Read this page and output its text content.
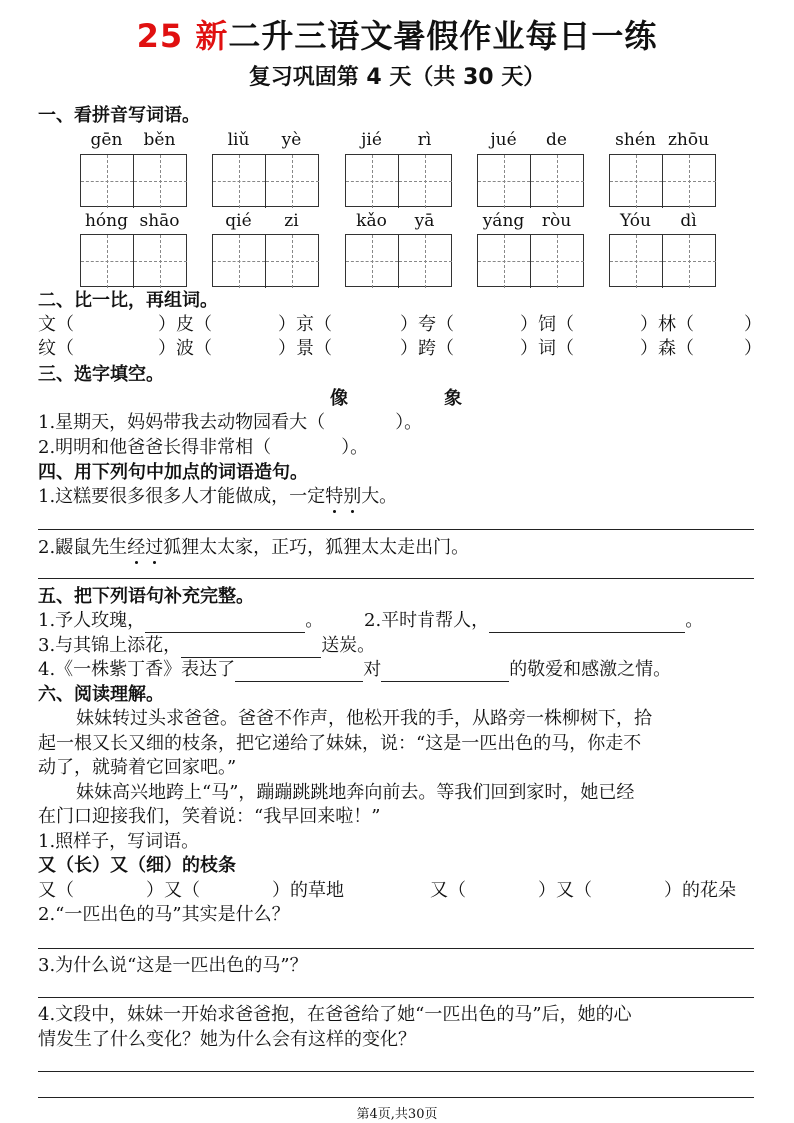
25 新二升三语文暑假作业每日一练
复习巩固第 4 天（共 30 天）
一、看拼音写词语。
gēn	běn	liǔ	yè	jié	rì	jué	de	shén zhōu
hóng shāo	qié	zi	kǎo	yā	yáng	ròu	Yóu	dì
二、比一比，再组词。
文（	）皮（	）京（	）夸（	）饲（	）林（	）
纹（	）波（	）景（	）跨（	）词（	）森（	）
三、选字填空。
像	象
1.星期天，妈妈带我去动物园看大（	）。
2.明明和他爸爸长得非常相（	）。
四、用下列句中加点的词语造句。
1.这糕要很多很多人才能做成，一定特别大。
2.鼹鼠先生经过狐狸太太家，正巧，狐狸太太走出门。
五、把下列语句补充完整。
1.予人玫瑰，	。 2.平时肯帮人，	。
3.与其锦上添花，	送炭。
4.《一株紫丁香》表达了	对	的敬爱和感激之情。
六、阅读理解。
妹妹转过头求爸爸。爸爸不作声，他松开我的手，从路旁一株柳树下，拾
起一根又长又细的枝条，把它递给了妹妹，说：“这是一匹出色的马，你走不
动了，就骑着它回家吧。”
妹妹高兴地跨上“马”，蹦蹦跳跳地奔向前去。等我们回到家时，她已经
在门口迎接我们，笑着说：“我早回来啦！”
1.照样子，写词语。
又（长）又（细）的枝条
又（	）又（	）的草地	又（	）又（	）的花朵
2.“一匹出色的马”其实是什么？
3.为什么说“这是一匹出色的马”？
4.文段中，妹妹一开始求爸爸抱，在爸爸给了她“一匹出色的马”后，她的心
情发生了什么变化？她为什么会有这样的变化？
第4页,共30页
